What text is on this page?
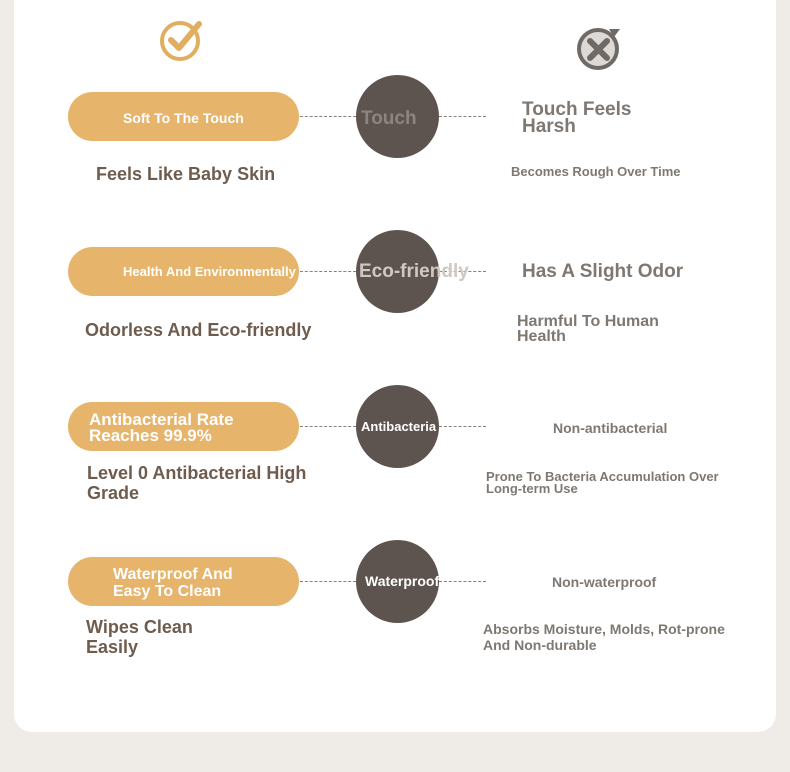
Soft To The Touch	Touch
Feels Like Baby Skin
Touch Feels Harsh
Becomes Rough Over Time
Health And Environmentally Friendly Eco-friendly
Odorless And Eco-friendly
Has A Slight Odor
Harmful To Human Health
Antibacterial Rate Reaches 99.9%	Antibacteria
Level 0 Antibacterial High Grade
Non-antibacterial
Prone To Bacteria Accumulation Over Long-term Use
Waterproof And Easy To Clean
Waterproof
Wipes Clean Easily
Non-waterproof
Absorbs Moisture, Molds, Rot-prone And Non-durable
